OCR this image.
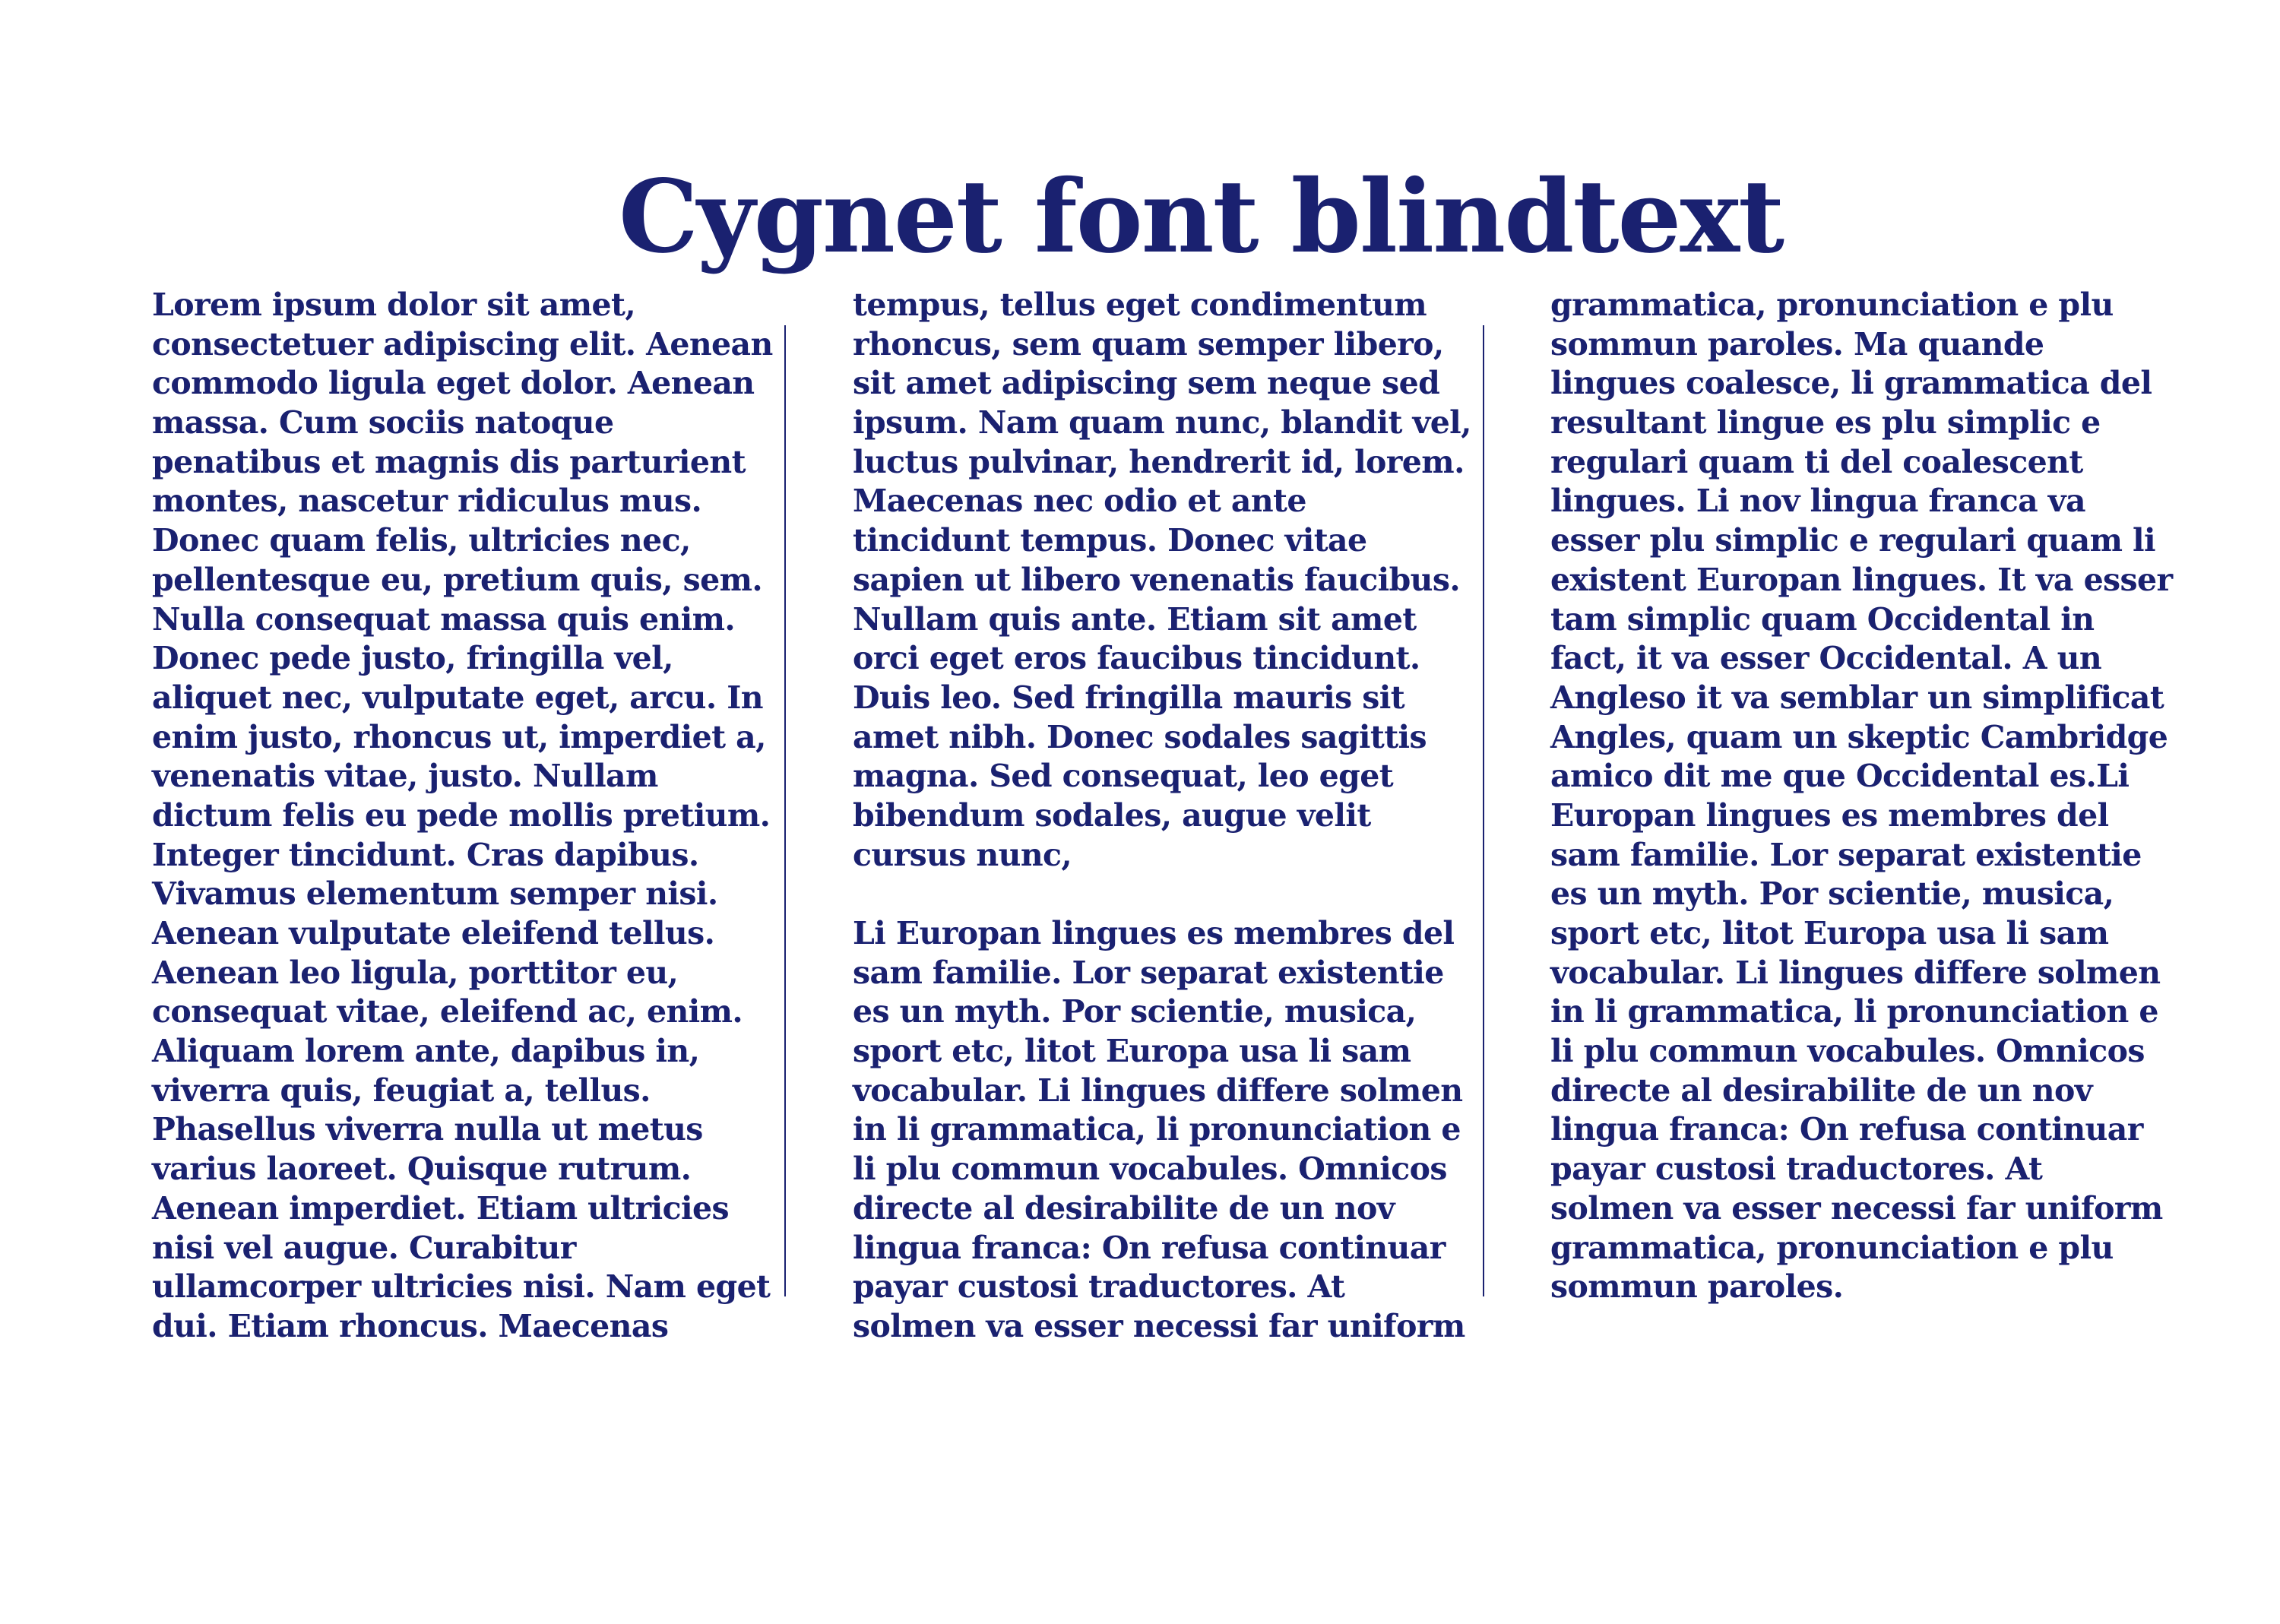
Cygnet font blindtext
Lorem ipsum dolor sit amet,
consectetuer adipiscing elit. Aenean
commodo ligula eget dolor. Aenean
massa. Cum sociis natoque
penatibus et magnis dis parturient
montes, nascetur ridiculus mus.
Donec quam felis, ultricies nec,
pellentesque eu, pretium quis, sem.
Nulla consequat massa quis enim.
Donec pede justo, fringilla vel,
aliquet nec, vulputate eget, arcu. In
enim justo, rhoncus ut, imperdiet a,
venenatis vitae, justo. Nullam
dictum felis eu pede mollis pretium.
Integer tincidunt. Cras dapibus.
Vivamus elementum semper nisi.
Aenean vulputate eleifend tellus.
Aenean leo ligula, porttitor eu,
consequat vitae, eleifend ac, enim.
Aliquam lorem ante, dapibus in,
viverra quis, feugiat a, tellus.
Phasellus viverra nulla ut metus
varius laoreet. Quisque rutrum.
Aenean imperdiet. Etiam ultricies
nisi vel augue. Curabitur
ullamcorper ultricies nisi. Nam eget
dui. Etiam rhoncus. Maecenas
tempus, tellus eget condimentum
rhoncus, sem quam semper libero,
sit amet adipiscing sem neque sed
ipsum. Nam quam nunc, blandit vel,
luctus pulvinar, hendrerit id, lorem.
Maecenas nec odio et ante
tincidunt tempus. Donec vitae
sapien ut libero venenatis faucibus.
Nullam quis ante. Etiam sit amet
orci eget eros faucibus tincidunt.
Duis leo. Sed fringilla mauris sit
amet nibh. Donec sodales sagittis
magna. Sed consequat, leo eget
bibendum sodales, augue velit
cursus nunc,
Li Europan lingues es membres del
sam familie. Lor separat existentie
es un myth. Por scientie, musica,
sport etc, litot Europa usa li sam
vocabular. Li lingues differe solmen
in li grammatica, li pronunciation e
li plu commun vocabules. Omnicos
directe al desirabilite de un nov
lingua franca: On refusa continuar
payar custosi traductores. At
solmen va esser necessi far uniform
grammatica, pronunciation e plu
sommun paroles. Ma quande
lingues coalesce, li grammatica del
resultant lingue es plu simplic e
regulari quam ti del coalescent
lingues. Li nov lingua franca va
esser plu simplic e regulari quam li
existent Europan lingues. It va esser
tam simplic quam Occidental in
fact, it va esser Occidental. A un
Angleso it va semblar un simplificat
Angles, quam un skeptic Cambridge
amico dit me que Occidental es.Li
Europan lingues es membres del
sam familie. Lor separat existentie
es un myth. Por scientie, musica,
sport etc, litot Europa usa li sam
vocabular. Li lingues differe solmen
in li grammatica, li pronunciation e
li plu commun vocabules. Omnicos
directe al desirabilite de un nov
lingua franca: On refusa continuar
payar custosi traductores. At
solmen va esser necessi far uniform
grammatica, pronunciation e plu
sommun paroles.
